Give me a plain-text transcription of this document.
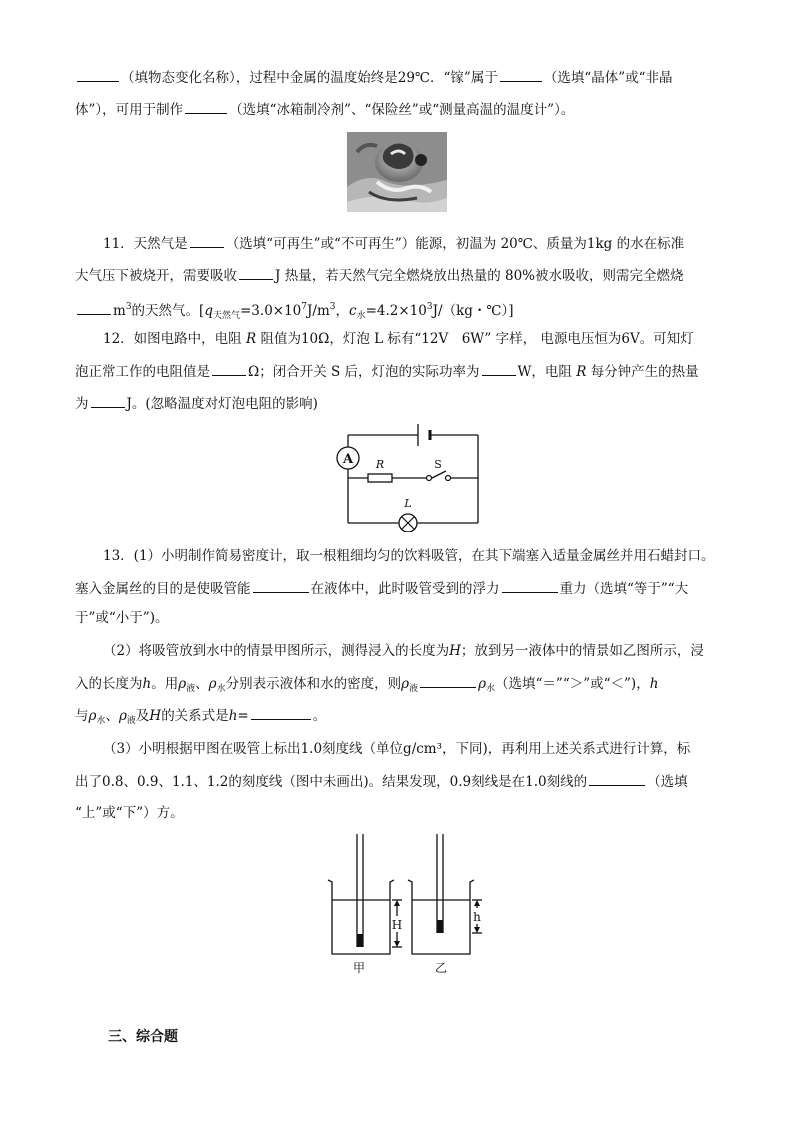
（填物态变化名称），过程中金属的温度始终是29℃．“镓”属于	（选填“晶体”或“非晶
体”），可用于制作	（选填“冰箱制冷剂”、“保险丝”或“测量高温的温度计”）。
11．天然气是	（选填“可再生”或“不可再生”）能源，初温为 20℃、质量为1kg 的水在标准
大气压下被烧开，需要吸收	J 热量，若天然气完全燃烧放出热量的 80%被水吸收，则需完全燃烧
$m^3$的天然气。[$q_{天然气}=3.0\times 10^7J/m^3$，$c_水=4.2\times 10^3J/(kg$・℃）]
12．如图电路中，电阻 R 阻值为10Ω，灯泡 L 标有“12V　6W” 字样， 电源电压恒为6V。可知灯
泡正常工作的电阻值是	Ω；闭合开关 S 后，灯泡的实际功率为	W，电阻 R 每分钟产生的热量
为	J。(忽略温度对灯泡电阻的影响)
A R	S
L
13．(1）小明制作简易密度计，取一根粗细均匀的饮料吸管，在其下端塞入适量金属丝并用石蜡封口。
塞入金属丝的目的是使吸管能	在液体中，此时吸管受到的浮力	重力（选填“等于”“大
于”或“小于”)。
（2）将吸管放到水中的情景甲图所示，测得浸入的长度为H；放到另一液体中的情景如乙图所示，浸
入的长度为h。用$\rho_液$、$\rho_水$分别表示液体和水的密度，则$\rho_液$	$\rho_水$（选填“＝”“＞”或“＜”)，h
与$\rho_水$、$\rho_液$及H的关系式是h=	。
（3）小明根据甲图在吸管上标出1.0刻度线（单位g/cm³，下同)，再利用上述关系式进行计算，标
出了0.8、0.9、1.1、1.2的刻度线（图中未画出)。结果发现，0.9刻线是在1.0刻线的	（选填
“上”或“下”）方。
H
h
甲	乙
三、综合题
